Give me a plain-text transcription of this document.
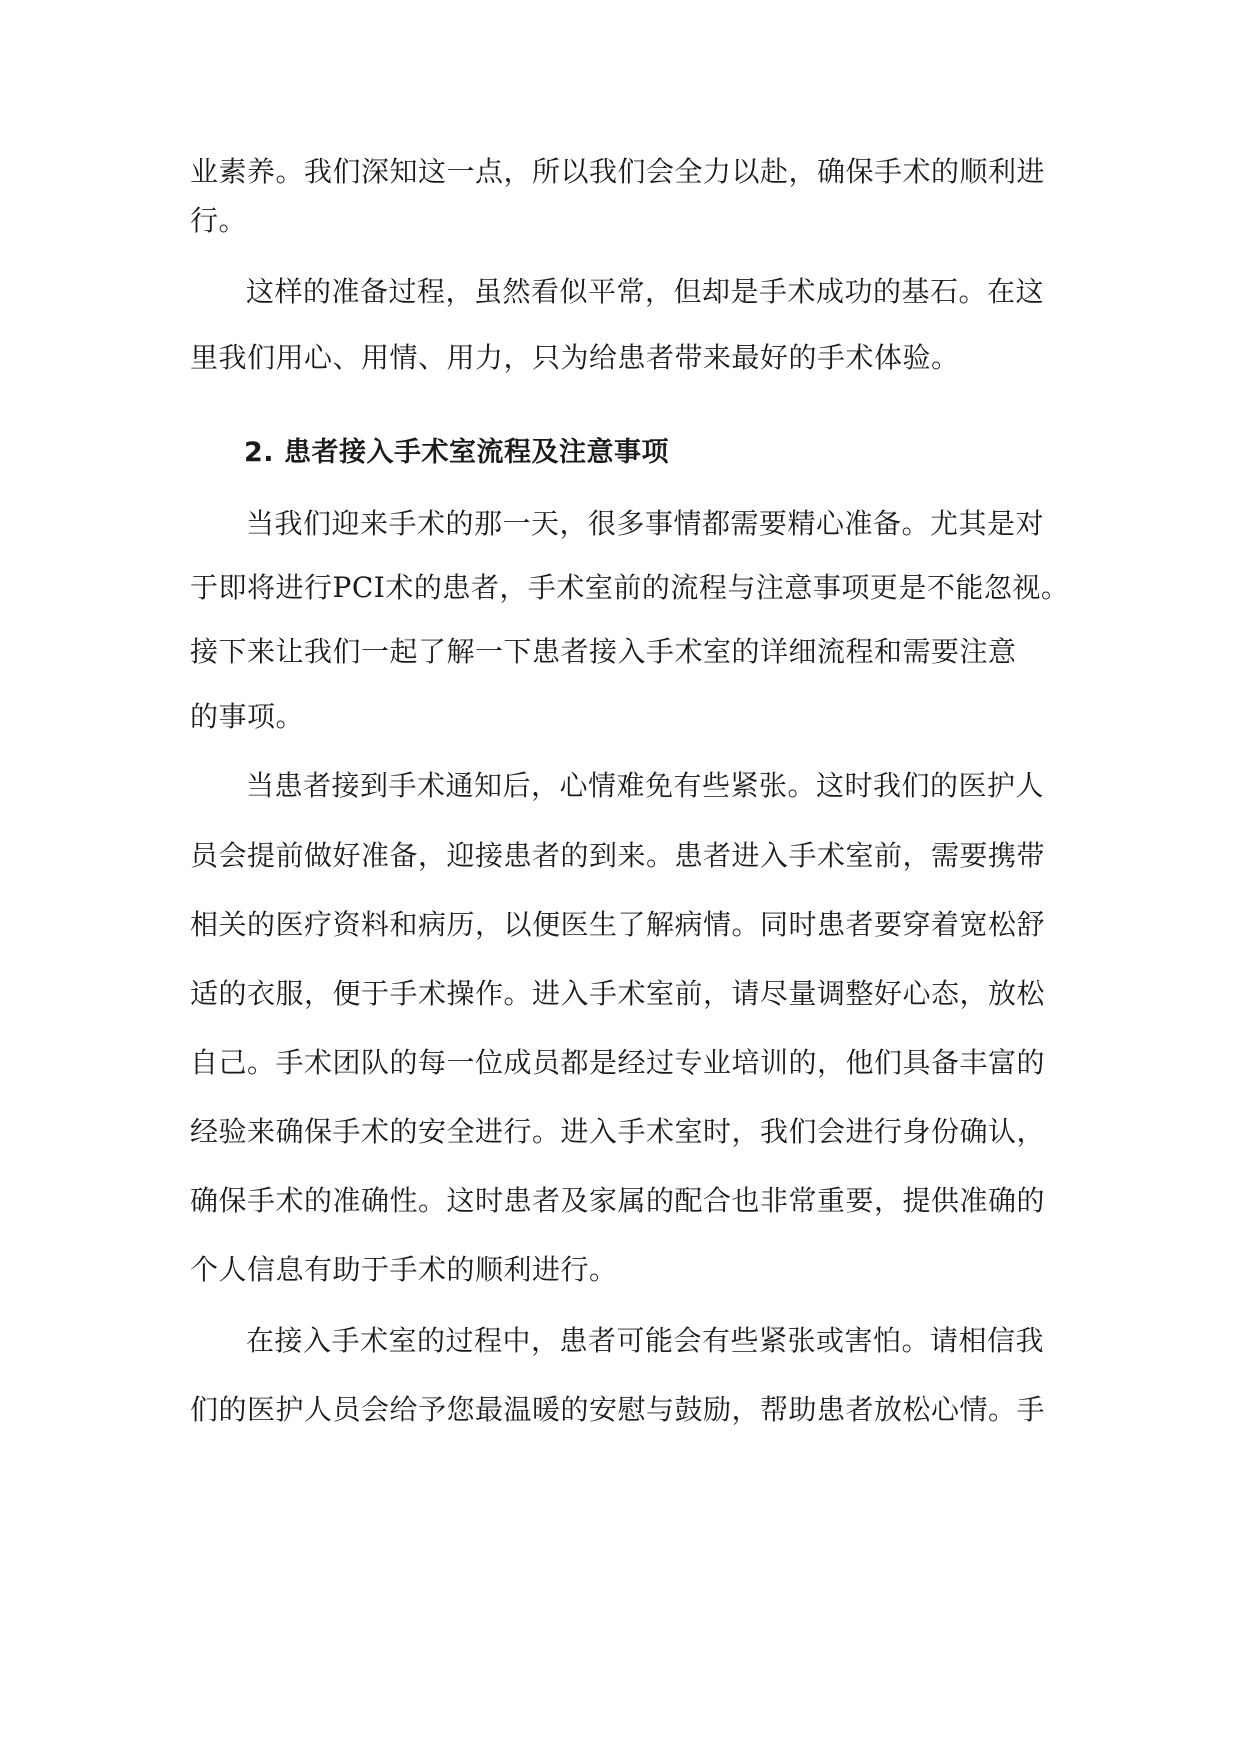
业素养。我们深知这一点，所以我们会全力以赴，确保手术的顺利进
行。
这样的准备过程，虽然看似平常，但却是手术成功的基石。在这
里我们用心、用情、用力，只为给患者带来最好的手术体验。
2. 患者接入手术室流程及注意事项
当我们迎来手术的那一天，很多事情都需要精心准备。尤其是对
于即将进行PCI术的患者，手术室前的流程与注意事项更是不能忽视。
接下来让我们一起了解一下患者接入手术室的详细流程和需要注意
的事项。
当患者接到手术通知后，心情难免有些紧张。这时我们的医护人
员会提前做好准备，迎接患者的到来。患者进入手术室前，需要携带
相关的医疗资料和病历，以便医生了解病情。同时患者要穿着宽松舒
适的衣服，便于手术操作。进入手术室前，请尽量调整好心态，放松
自己。手术团队的每一位成员都是经过专业培训的，他们具备丰富的
经验来确保手术的安全进行。进入手术室时，我们会进行身份确认，
确保手术的准确性。这时患者及家属的配合也非常重要，提供准确的
个人信息有助于手术的顺利进行。
在接入手术室的过程中，患者可能会有些紧张或害怕。请相信我
们的医护人员会给予您最温暖的安慰与鼓励，帮助患者放松心情。手
